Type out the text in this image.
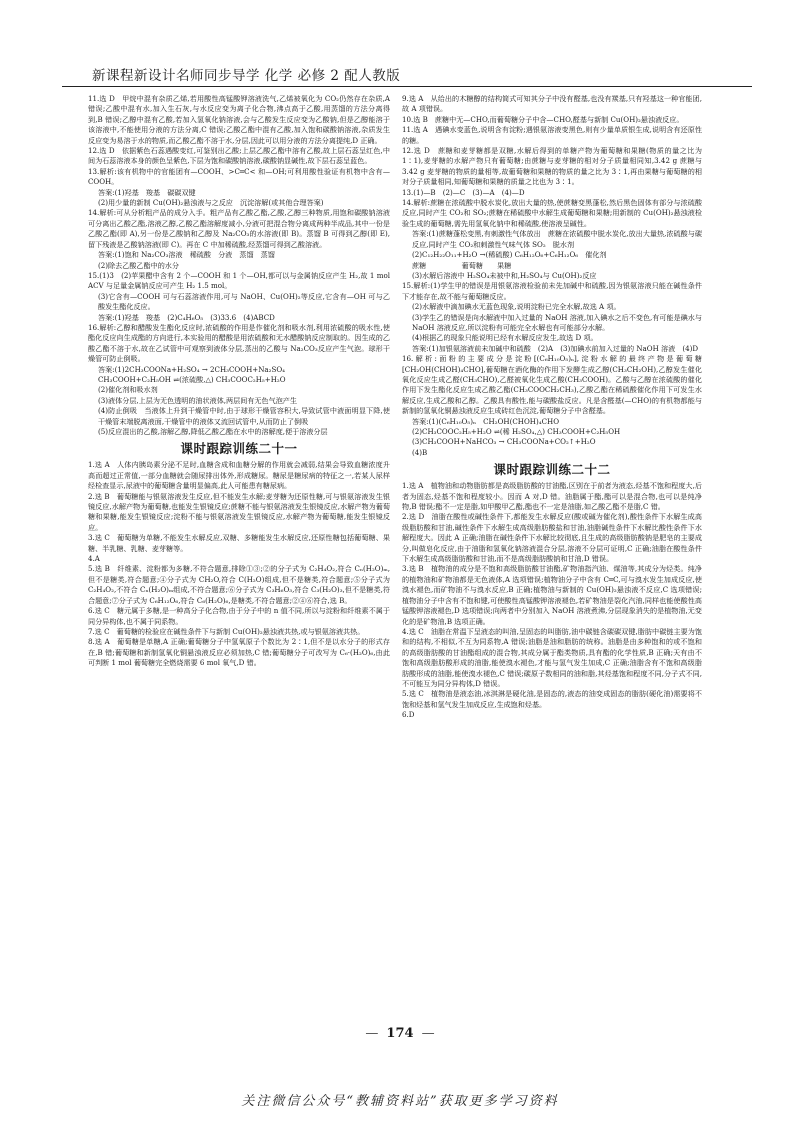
新课程新设计名师同步导学 化学 必修 2 配人教版

11.选 D　甲烷中混有杂质乙烯,若用酸性高锰酸钾溶液洗气,乙烯被氧化为 CO₂仍然存在杂质,A 错误;乙酸中混有水,加入生石灰,与水反应变为离子化合物,沸点高于乙酸,用蒸馏的方法分离得到,B 错误;乙醇中混有乙酸,若加入氢氧化钠溶液,会与乙酸发生反应变为乙酸钠,但是乙醇能溶于该溶液中,不能使用分液的方法分离,C 错误;乙酸乙酯中混有乙酸,加入饱和碳酸钠溶液,杂质发生反应变为易溶于水的物质,而乙酸乙酯不溶于水,分层,因此可以用分液的方法分离提纯,D 正确。

12.选 D　依据紫色石蕊遇酸变红,可鉴别出乙酸;上层乙酸乙酯中溶有乙酸,故上层石蕊呈红色,中间为石蕊溶液本身的颜色呈紫色,下层为饱和碳酸钠溶液,碳酸钠显碱性,故下层石蕊呈蓝色。

13.解析:该有机物中的官能团有—COOH、>C═C< 和—OH;可利用酸性验证有机物中含有—COOH。

答案:(1)羟基　羧基　碳碳双键

(2)用少量的新制 Cu(OH)₂悬浊液与之反应　沉淀溶解(或其他合理答案)

14.解析:可从分析粗产品的成分入手。粗产品有乙酸乙酯,乙酸,乙醇三种物质,用饱和碳酸钠溶液可分离出乙酸乙酯,溶液乙醇,乙酸乙酯溶解度减小,分液可把混合物分离成两种半成品,其中一份是乙酸乙酯(即 A),另一份是乙酸钠和乙醇及 Na₂CO₃的水溶液(即 B)。蒸馏 B 可得到乙醇(即 E),留下残液是乙酸钠溶液(即 C)。再在 C 中加稀硫酸,经蒸馏可得到乙酸溶液。

答案:(1)饱和 Na₂CO₃溶液　稀硫酸　分液　蒸馏　蒸馏

(2)除去乙酸乙酯中的水分

15.(1)3　(2)苹果醋中含有 2 个—COOH 和 1 个—OH,都可以与金属钠反应产生 H₂,故 1 mol ACV 与足量金属钠反应可产生 H₂ 1.5 mol。

(3)它含有—COOH 可与石蕊溶液作用,可与 NaOH、Cu(OH)₂等反应,它含有—OH 可与乙酸发生酯化反应。

答案:(1)羟基　羧基　(2)C₄H₆O₅　(3)33.6　(4)ABCD

16.解析:乙醇和醋酸发生酯化反应时,浓硫酸的作用是作催化剂和吸水剂,利用浓硫酸的吸水性,使酯化反应向生成酯的方向进行,本实验用的醋酸是用浓硫酸和无水醋酸钠反应制取的。因生成的乙酸乙酯不溶于水,故在乙试管中可观察到液体分层,蒸出的乙酸与 Na₂CO₃反应产生气泡。球形干燥管可防止倒吸。

答案:(1)2CH₃COONa+H₂SO₄ → 2CH₃COOH+Na₂SO₄

CH₃COOH+C₂H₅OH ⇌(浓硫酸,△) CH₃COOC₂H₅+H₂O

(2)催化剂和吸水剂

(3)液体分层,上层为无色透明的油状液体,两层间有无色气泡产生

(4)防止倒吸　当液体上升到干燥管中时,由于球形干燥管容积大,导致试管中液面明显下降,使干燥管末端脱离液面,干燥管中的液体又流回试管中,从而防止了倒吸

(5)反应混出的乙酸,溶解乙醇,降低乙酸乙酯在水中的溶解度,便于溶液分层

课时跟踪训练二十一

1.选 A　人体内胰岛素分泌不足时,血糖含成和血糖分解的作用就会减弱,结果会导致血糖浓度升高而超过正常值,一部分血糖就会随尿排出体外,形成糖尿。糖尿是糖尿病的特征之一,若某人尿样经检查显示,尿液中的葡萄糖含量明显偏高,此人可能患有糖尿病。

2.选 B　葡萄糖能与银氨溶液发生反应,但不能发生水解;麦芽糖为还原性糖,可与银氨溶液发生银镜反应,水解产物为葡萄糖,也能发生银镜反应;蔗糖不能与银氨溶液发生银镜反应,水解产物为葡萄糖和果糖,能发生银镜反应;淀粉不能与银氨溶液发生银镜反应,水解产物为葡萄糖,能发生银镜反应。

3.选 C　葡萄糖为单糖,不能发生水解反应,双糖、多糖能发生水解反应,还原性糖包括葡萄糖、果糖、半乳糖、乳糖、麦芽糖等。

4.A

5.选 B　纤维素、淀粉都为多糖,不符合题意,排除①③;②的分子式为 C₂H₄O₂,符合 Cₙ(H₂O)ₘ,但不是糖类,符合题意;④分子式为 CH₂O,符合 C(H₂O)组成,但不是糖类,符合题意;⑤分子式为 C₂H₄O₂,不符合 Cₙ(H₂O)ₘ组成,不符合题意;⑥分子式为 C₃H₆O₃,符合 C₃(H₂O)₃,但不是糖类,符合题意;⑦分子式为 C₆H₁₂O₆,符合 C₆(H₂O)₆,是糖类,不符合题意;②④⑥符合,选 B。

6.选 C　糖元属于多糖,是一种高分子化合物,由于分子中的 n 值不同,所以与淀粉和纤维素不属于同分异构体,也不属于同系物。

7.选 C　葡萄糖的检验应在碱性条件下与新制 Cu(OH)₂悬浊液共热,或与银氨溶液共热。

8.选 A　葡萄糖是单糖,A 正确;葡萄糖分子中氢氧原子个数比为 2∶1,但不是以水分子的形式存在,B 错;葡萄糖和新制氢氧化铜悬浊液反应必须加热,C 错;葡萄糖分子可改写为 C₆·(H₂O)₆,由此可判断 1 mol 葡萄糖完全燃烧需要 6 mol 氧气,D 错。

9.选 A　从给出的木糖醇的结构简式可知其分子中没有醛基,也没有羰基,只有羟基这一种官能团,故 A 项错误。

10.选 B　蔗糖中无—CHO,而葡萄糖分子中含—CHO,醛基与新制 Cu(OH)₂悬浊液反应。

11.选 A　遇碘水变蓝色,说明含有淀粉;遇银氨溶液变黑色,则有少量单质银生成,说明含有还原性的糖。

12.选 D　蔗糖和麦芽糖都是双糖,水解后得到的单糖产物为葡萄糖和果糖(物质的量之比为 1∶1),麦芽糖的水解产物只有葡萄糖;由蔗糖与麦芽糖的相对分子质量相同知,3.42 g 蔗糖与 3.42 g 麦芽糖的物质的量相等,故葡萄糖和果糖的物质的量之比为 3∶1,再由果糖与葡萄糖的相对分子质量相同,知葡萄糖和果糖的质量之比也为 3∶1。

13.(1)—B　(2)—C　(3)—A　(4)—D

14.解析:蔗糖在浓硫酸中脱水炭化,放出大量的热,使蔗糖变黑蓬松,然后黑色固体有部分与浓硫酸反应,同时产生 CO₂和 SO₂;蔗糖在稀硫酸中水解生成葡萄糖和果糖;用新制的 Cu(OH)₂悬浊液检验生成的葡萄糖,需先用氢氧化钠中和稀硫酸,使溶液呈碱性。

答案:(1)蔗糖蓬松变黑,有刺激性气体放出　蔗糖在浓硫酸中脱水炭化,放出大量热,浓硫酸与碳反应,同时产生 CO₂和刺激性气味气体 SO₂　脱水剂

(2)C₁₂H₂₂O₁₁+H₂O →(稀硫酸) C₆H₁₂O₆+C₆H₁₂O₆　催化剂

蔗糖　　　　　葡萄糖　　果糖

(3)水解后溶液中 H₂SO₄未被中和,H₂SO₄与 Cu(OH)₂反应

15.解析:(1)学生甲的错误是用银氨溶液检验前未先加碱中和硫酸,因为银氨溶液只能在碱性条件下才能存在,故不能与葡萄糖反应。

(2)水解液中滴加碘水无蓝色现象,说明淀粉已完全水解,故选 A 项。

(3)学生乙的错误是向水解液中加入过量的 NaOH 溶液,加入碘水之后不变色,有可能是碘水与 NaOH 溶液反应,所以淀粉有可能完全水解也有可能部分水解。

(4)根据乙的现象只能说明已经有水解反应发生,故选 D 项。

答案:(1)加银氨溶液前未加碱中和硫酸　(2)A　(3)加碘水前加入过量的 NaOH 溶液　(4)D

16.解析:面粉的主要成分是淀粉[(C₆H₁₀O₅)ₙ],淀粉水解的最终产物是葡萄糖[CH₂OH(CHOH)₄CHO],葡萄糖在酒化酶的作用下发酵生成乙醇(CH₃CH₂OH),乙醇发生催化氧化反应生成乙醛(CH₃CHO),乙醛被氧化生成乙酸(CH₃COOH)。乙酸与乙醇在浓硫酸的催化作用下发生酯化反应生成乙酸乙酯(CH₃COOCH₂CH₃),乙酸乙酯在稀硫酸催化作用下可发生水解反应,生成乙酸和乙醇。乙酸具有酸性,能与碳酸盐反应。凡是含醛基(—CHO)的有机物都能与新制的氢氧化铜悬浊液反应生成砖红色沉淀,葡萄糖分子中含醛基。

答案:(1)(C₆H₁₀O₅)ₙ　CH₂OH(CHOH)₄CHO

(2)CH₃COOC₂H₅+H₂O ⇌(稀 H₂SO₄,△) CH₃COOH+C₂H₅OH

(3)CH₃COOH+NaHCO₃ → CH₃COONa+CO₂↑+H₂O

(4)B

课时跟踪训练二十二

1.选 A　植物油和动物脂肪都是高级脂肪酸的甘油酯,区别在于前者为液态,烃基不饱和程度大,后者为固态,烃基不饱和程度较小。因而 A 对,D 错。油脂属于酯,酯可以是混合物,也可以是纯净物,B 错误;酯不一定是脂,如甲酸甲乙酯,酯也不一定是油脂,如乙酸乙酯不是脂,C 错。

2.选 D　油脂在酸性或碱性条件下,都能发生水解反应(酸或碱为催化剂),酸性条件下水解生成高级脂肪酸和甘油,碱性条件下水解生成高级脂肪酸盐和甘油,油脂碱性条件下水解比酸性条件下水解程度大。因此 A 正确;油脂在碱性条件下水解比较彻底,且生成的高级脂肪酸钠是肥皂的主要成分,叫做皂化反应,由于油脂和氢氧化钠溶液混合分层,溶液不分层可证明,C 正确;油脂在酸性条件下水解生成高级脂肪酸和甘油,而不是高级脂肪酸钠和甘油,D 错误。

3.选 B　植物油的成分是不饱和高级脂肪酸甘油酯,矿物油指汽油、煤油等,其成分为烃类。纯净的植物油和矿物油都是无色液体,A 选项错误;植物油分子中含有 C═C,可与溴水发生加成反应,使溴水褪色,而矿物油不与溴水反应,B 正确;植物油与新制的 Cu(OH)₂悬浊液不反应,C 选项错误;植物油分子中含有不饱和键,可使酸性高锰酸钾溶液褪色,若矿物油是裂化汽油,同样也能使酸性高锰酸钾溶液褪色,D 选项错误;向两者中分别加入 NaOH 溶液煮沸,分层现象消失的是植物油,无变化的是矿物油,B 选项正确。

4.选 C　油脂在常温下呈液态的叫油,呈固态的叫脂肪,油中碳链含碳碳双键,脂肪中碳链主要为饱和的结构,不相似,不互为同系物,A 错误;油脂是油和脂肪的统称。油脂是由多种饱和的或不饱和的高级脂肪酸的甘油酯组成的混合物,其成分属于酯类物质,具有酯的化学性质,B 正确;天有由不饱和高级脂肪酸形成的油脂,能使溴水褪色,才能与氢气发生加成,C 正确;油脂含有不饱和高级脂肪酸形成的油脂,能使溴水褪色,C 错误;碳原子数相同的油和脂,其烃基饱和程度不同,分子式不同,不可能互为同分异构体,D 错误。

5.选 C　植物油是液态油,冰淇淋是硬化油,是固态的,液态的油变成固态的脂肪(硬化油)需要将不饱和烃基和氢气发生加成反应,生成饱和烃基。

6.D

— 174 —
关注微信公众号“教辅资料站”获取更多学习资料
